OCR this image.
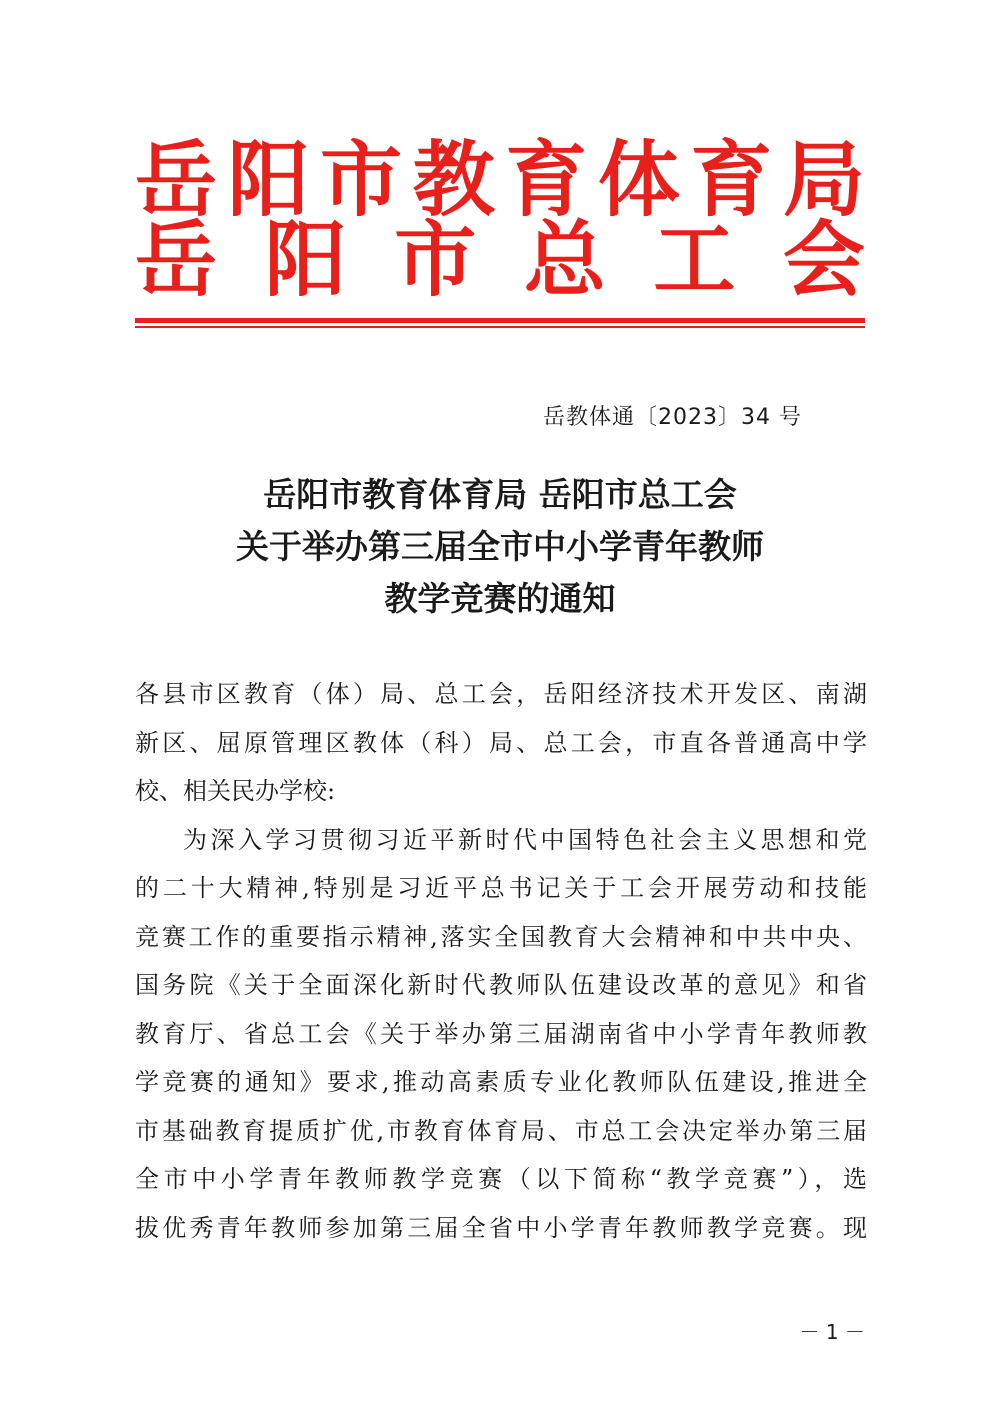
岳 阳 市 教 育 体 育 局
岳 阳 市 总 工 会
岳教体通〔2023〕34 号
岳阳市教育体育局 岳阳市总工会
关于举办第三届全市中小学青年教师
教学竞赛的通知

各县市区教育（体）局、总工会，岳阳经济技术开发区、南湖
新区、屈原管理区教体（科）局、总工会，市直各普通高中学
校、相关民办学校:

为深入学习贯彻习近平新时代中国特色社会主义思想和党
的二十大精神,特别是习近平总书记关于工会开展劳动和技能
竞赛工作的重要指示精神,落实全国教育大会精神和中共中央、
国务院《关于全面深化新时代教师队伍建设改革的意见》和省
教育厅、省总工会《关于举办第三届湖南省中小学青年教师教
学竞赛的通知》要求,推动高素质专业化教师队伍建设,推进全
市基础教育提质扩优,市教育体育局、市总工会决定举办第三届
全市中小学青年教师教学竞赛（以下简称“教学竞赛”），选
拔优秀青年教师参加第三届全省中小学青年教师教学竞赛。现

－ 1 －
